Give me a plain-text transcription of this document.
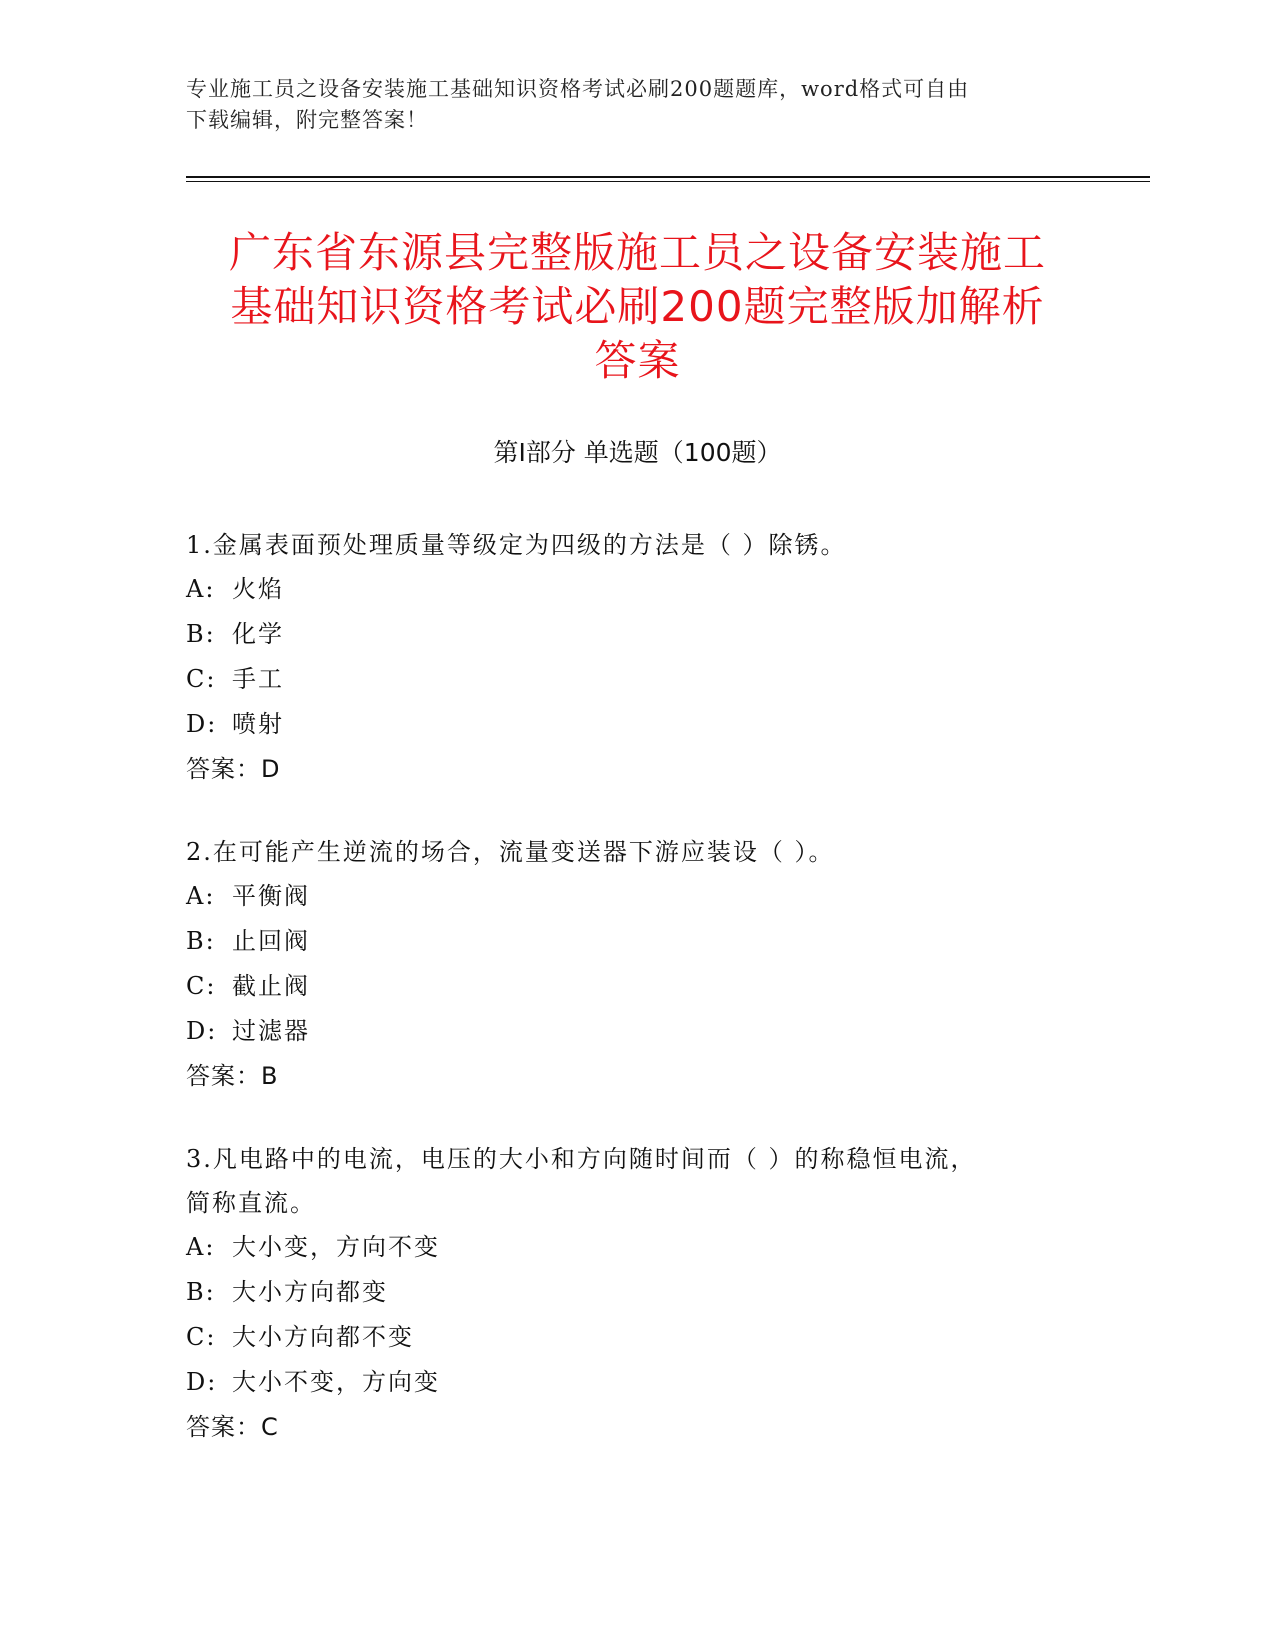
专业施工员之设备安装施工基础知识资格考试必刷200题题库，word格式可自由
下载编辑，附完整答案！
广东省东源县完整版施工员之设备安装施工
基础知识资格考试必刷200题完整版加解析
答案
第Ⅰ部分 单选题（100题）
1.金属表面预处理质量等级定为四级的方法是（ ）除锈。
A: 火焰
B: 化学
C: 手工
D: 喷射
答案：D
2.在可能产生逆流的场合，流量变送器下游应装设（ ）。
A: 平衡阀
B: 止回阀
C: 截止阀
D: 过滤器
答案：B
3.凡电路中的电流，电压的大小和方向随时间而（ ）的称稳恒电流，
简称直流。
A: 大小变，方向不变
B: 大小方向都变
C: 大小方向都不变
D: 大小不变，方向变
答案：C
